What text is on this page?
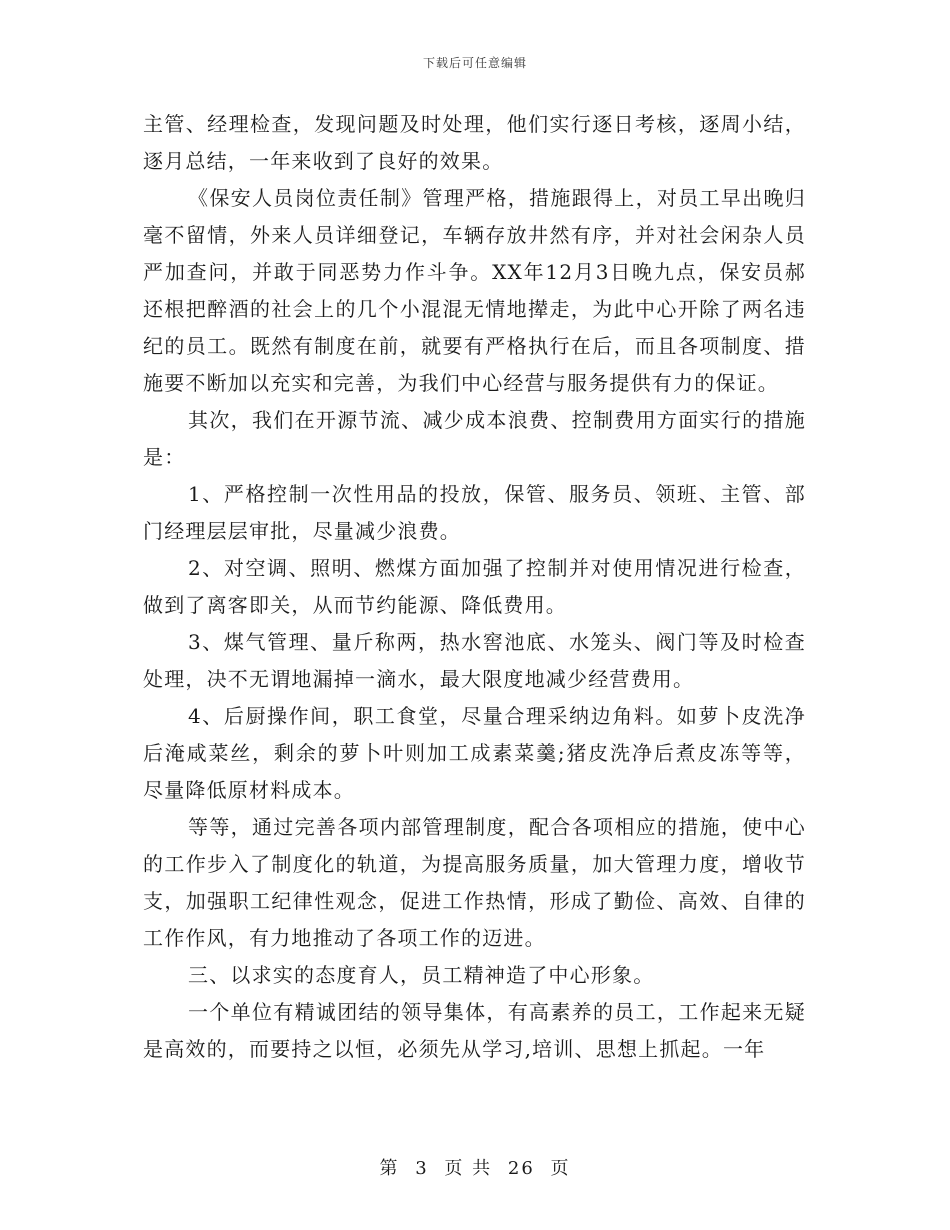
下载后可任意编辑

主管、经理检查，发现问题及时处理，他们实行逐日考核，逐周小结，逐月总结，一年来收到了良好的效果。

《保安人员岗位责任制》管理严格，措施跟得上，对员工早出晚归毫不留情，外来人员详细登记，车辆存放井然有序，并对社会闲杂人员严加查问，并敢于同恶势力作斗争。XX年12月3日晚九点，保安员郝还根把醉酒的社会上的几个小混混无情地撵走，为此中心开除了两名违纪的员工。既然有制度在前，就要有严格执行在后，而且各项制度、措施要不断加以充实和完善，为我们中心经营与服务提供有力的保证。

其次，我们在开源节流、减少成本浪费、控制费用方面实行的措施是：

1、严格控制一次性用品的投放，保管、服务员、领班、主管、部门经理层层审批，尽量减少浪费。

2、对空调、照明、燃煤方面加强了控制并对使用情况进行检查，做到了离客即关，从而节约能源、降低费用。

3、煤气管理、量斤称两，热水窖池底、水笼头、阀门等及时检查处理，决不无谓地漏掉一滴水，最大限度地减少经营费用。

4、后厨操作间，职工食堂，尽量合理采纳边角料。如萝卜皮洗净后淹咸菜丝，剩余的萝卜叶则加工成素菜羹;猪皮洗净后煮皮冻等等，尽量降低原材料成本。

等等，通过完善各项内部管理制度，配合各项相应的措施，使中心的工作步入了制度化的轨道，为提高服务质量，加大管理力度，增收节支，加强职工纪律性观念，促进工作热情，形成了勤俭、高效、自律的工作作风，有力地推动了各项工作的迈进。

三、以求实的态度育人，员工精神造了中心形象。

一个单位有精诚团结的领导集体，有高素养的员工，工作起来无疑是高效的，而要持之以恒，必须先从学习,培训、思想上抓起。一年

第 3 页 共 26 页
